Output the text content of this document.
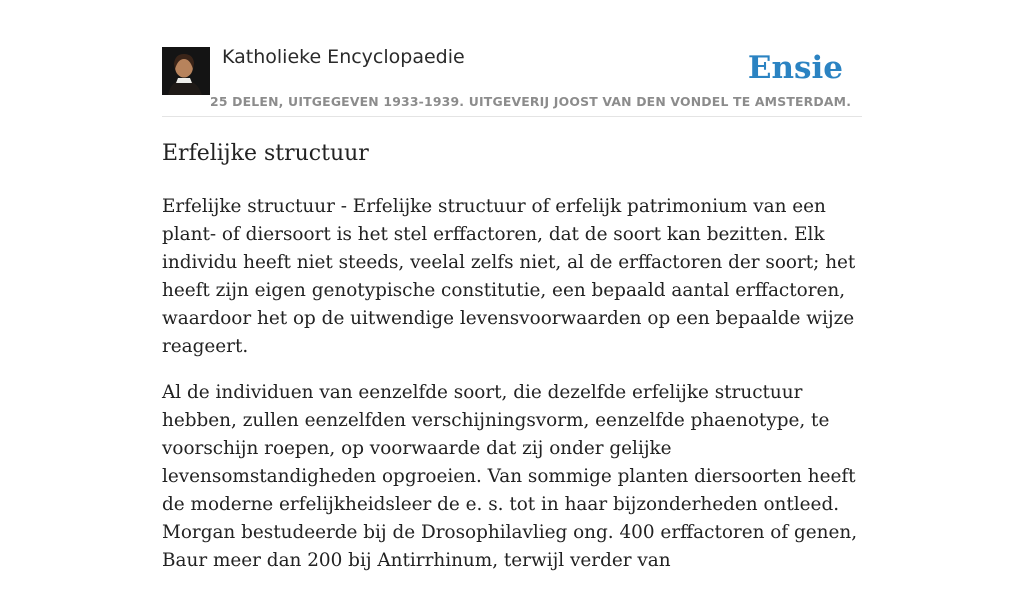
Katholieke Encyclopaedie
25 DELEN, UITGEGEVEN 1933-1939. UITGEVERIJ JOOST VAN DEN VONDEL TE AMSTERDAM.
Ensie
Erfelijke structuur

Erfelijke structuur - Erfelijke structuur of erfelijk patrimonium van een plant- of diersoort is het stel erffactoren, dat de soort kan bezitten. Elk individu heeft niet steeds, veelal zelfs niet, al de erffactoren der soort; het heeft zijn eigen genotypische constitutie, een bepaald aantal erffactoren, waardoor het op de uitwendige levensvoorwaarden op een bepaalde wijze reageert.

Al de individuen van eenzelfde soort, die dezelfde erfelijke structuur hebben, zullen eenzelfden verschijningsvorm, eenzelfde phaenotype, te voorschijn roepen, op voorwaarde dat zij onder gelijke levensomstandigheden opgroeien. Van sommige planten diersoorten heeft de moderne erfelijkheidsleer de e. s. tot in haar bijzonderheden ontleed. Morgan bestudeerde bij de Drosophilavlieg ong. 400 erffactoren of genen, Baur meer dan 200 bij Antirrhinum, terwijl verder van
